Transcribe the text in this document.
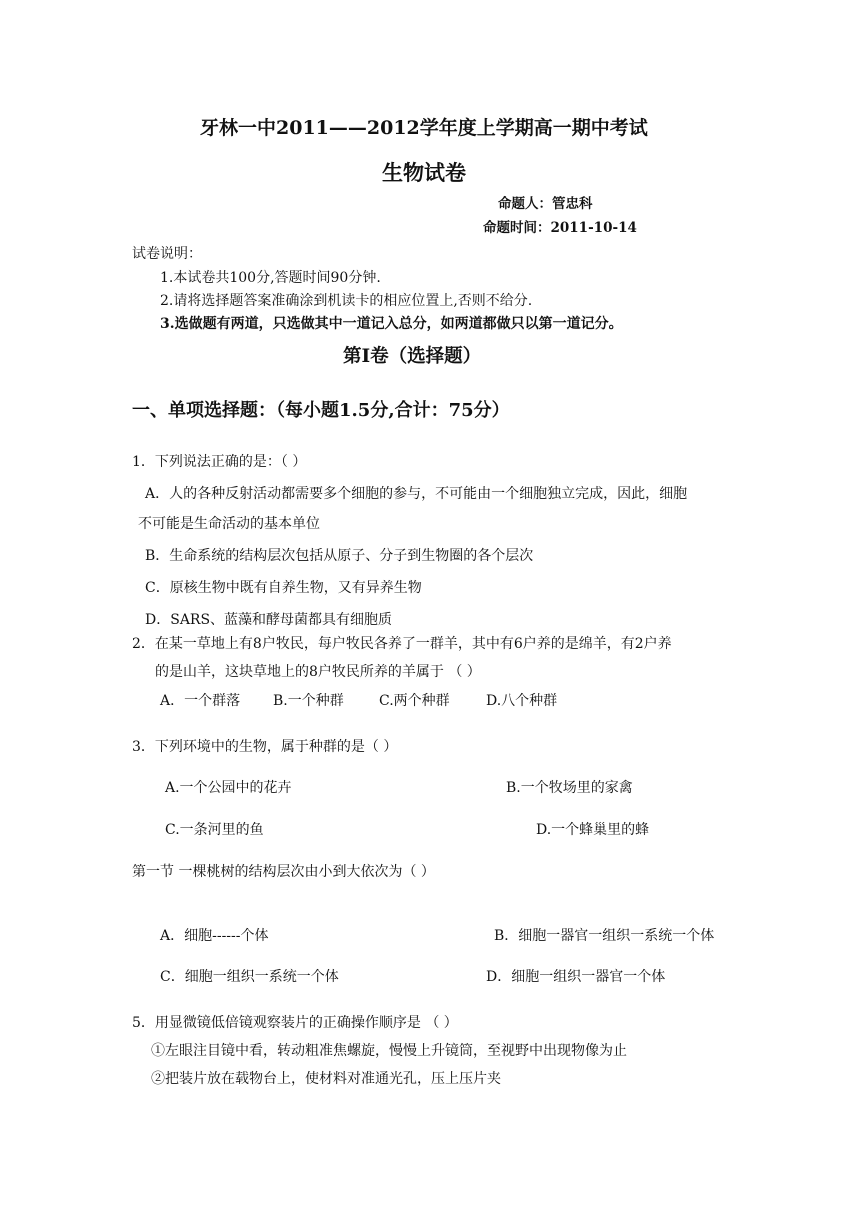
牙林一中2011——2012学年度上学期高一期中考试
生物试卷
命题人：管忠科
命题时间：2011-10-14
试卷说明：
1.本试卷共100分,答题时间90分钟.
2.请将选择题答案准确涂到机读卡的相应位置上,否则不给分.
3.选做题有两道，只选做其中一道记入总分，如两道都做只以第一道记分。
第Ⅰ卷（选择题）
一、单项选择题：（每小题1.5分,合计：75分）
1．下列说法正确的是：（ ）
A．人的各种反射活动都需要多个细胞的参与，不可能由一个细胞独立完成，因此，细胞
不可能是生命活动的基本单位
B．生命系统的结构层次包括从原子、分子到生物圈的各个层次
C．原核生物中既有自养生物，又有异养生物
D．SARS、蓝藻和酵母菌都具有细胞质
2．在某一草地上有8户牧民，每户牧民各养了一群羊，其中有6户养的是绵羊，有2户养
的是山羊，这块草地上的8户牧民所养的羊属于 （ ）
A．一个群落 B.一个种群	C.两个种群	D.八个种群
3．下列环境中的生物，属于种群的是（ ）
A.一个公园中的花卉	B.一个牧场里的家禽
C.一条河里的鱼	D.一个蜂巢里的蜂
第一节 一棵桃树的结构层次由小到大依次为（ ）
A．细胞------个体	B．细胞一器官一组织一系统一个体
C．细胞一组织一系统一个体	D．细胞一组织一器官一个体
5．用显微镜低倍镜观察装片的正确操作顺序是 （ ）
①左眼注目镜中看，转动粗准焦螺旋，慢慢上升镜筒，至视野中出现物像为止
②把装片放在载物台上，使材料对准通光孔，压上压片夹
